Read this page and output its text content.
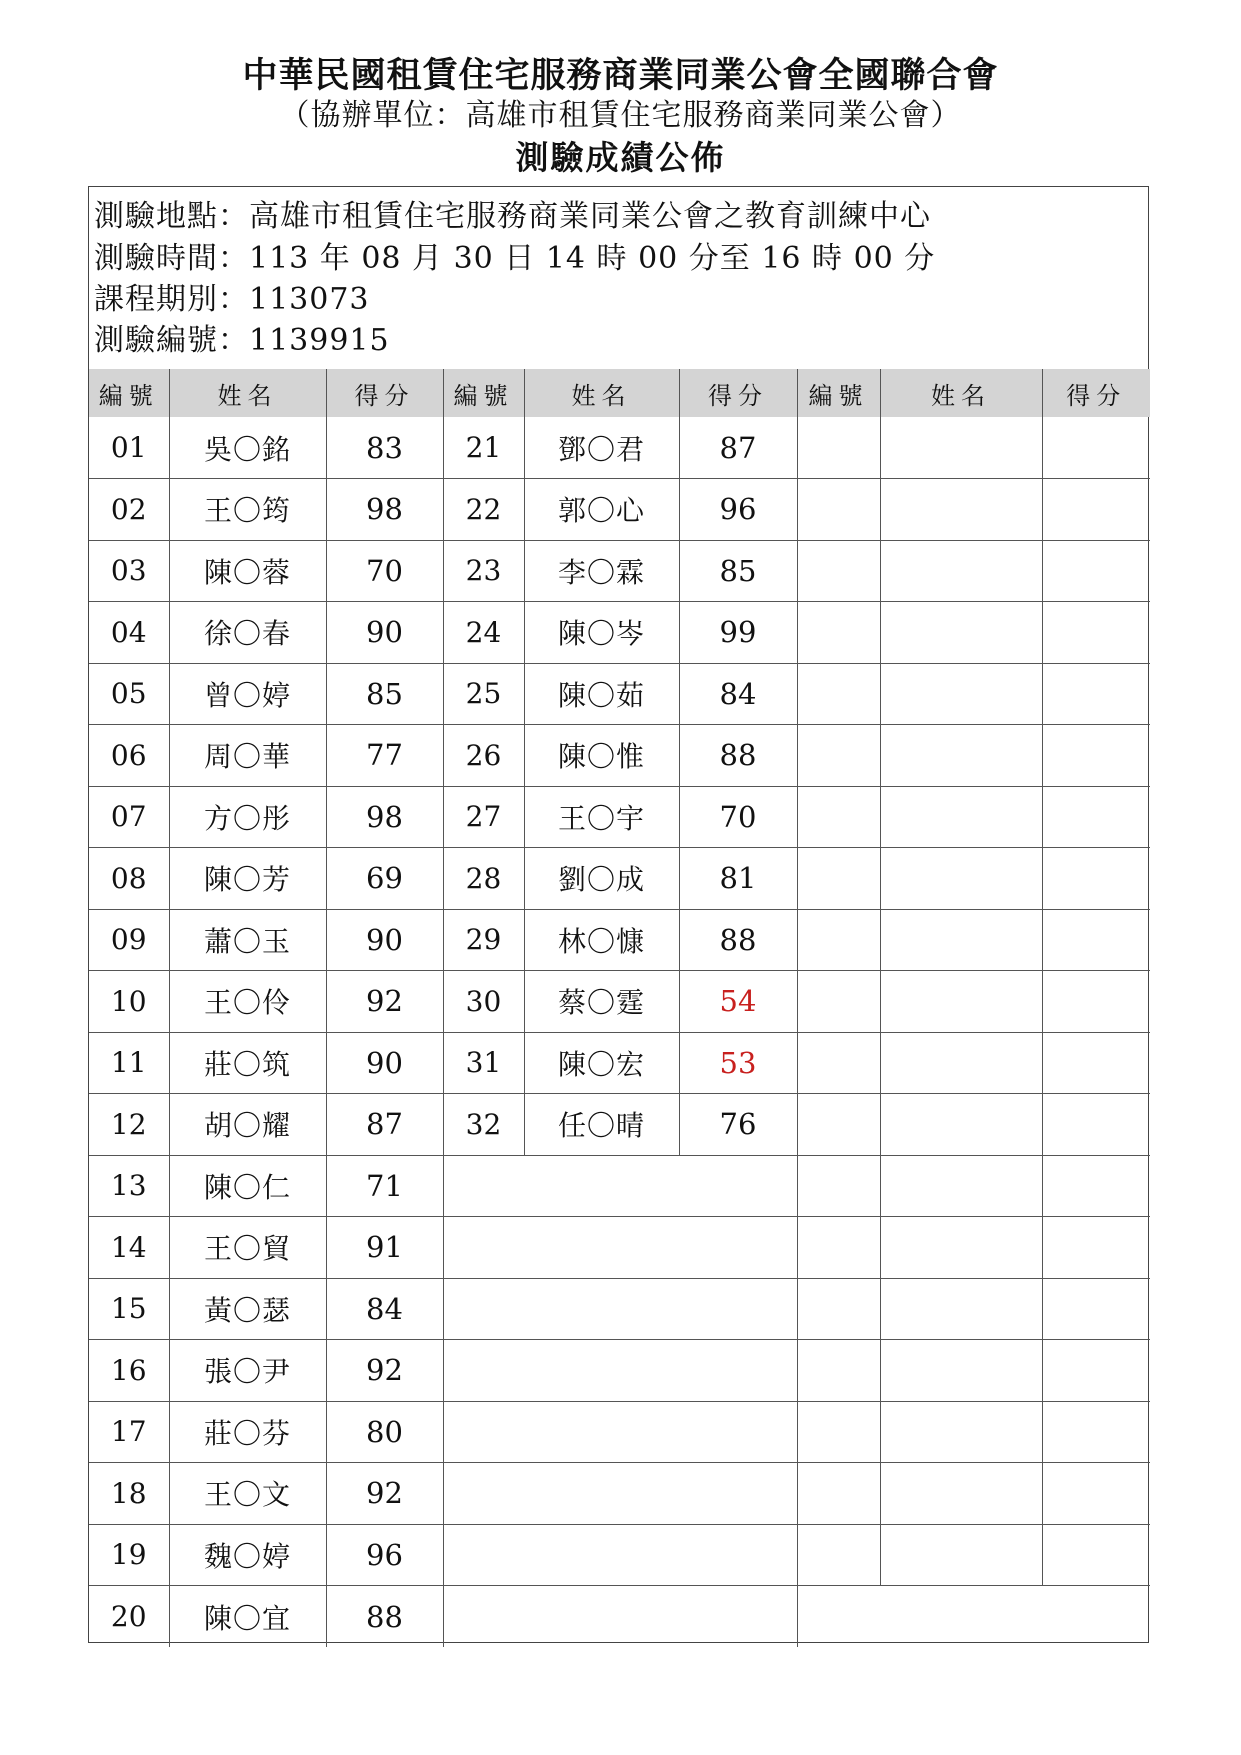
中華民國租賃住宅服務商業同業公會全國聯合會
（協辦單位：高雄市租賃住宅服務商業同業公會）
測驗成績公佈
測驗地點：高雄市租賃住宅服務商業同業公會之教育訓練中心
測驗時間：113 年 08 月 30 日 14 時 00 分至 16 時 00 分
課程期別：113073
測驗編號：1139915
編號	姓名	得分	編號	姓名	得分	編號	姓名	得分
01	吳〇銘	83	21	鄧〇君	87			
02	王〇筠	98	22	郭〇心	96			
03	陳〇蓉	70	23	李〇霖	85			
04	徐〇春	90	24	陳〇岑	99			
05	曾〇婷	85	25	陳〇茹	84			
06	周〇華	77	26	陳〇惟	88			
07	方〇彤	98	27	王〇宇	70			
08	陳〇芳	69	28	劉〇成	81			
09	蕭〇玉	90	29	林〇慷	88			
10	王〇伶	92	30	蔡〇霆	54			
11	莊〇筑	90	31	陳〇宏	53			
12	胡〇耀	87	32	任〇晴	76			
13	陳〇仁	71						
14	王〇貿	91						
15	黃〇瑟	84						
16	張〇尹	92						
17	莊〇芬	80						
18	王〇文	92						
19	魏〇婷	96						
20	陳〇宜	88						
